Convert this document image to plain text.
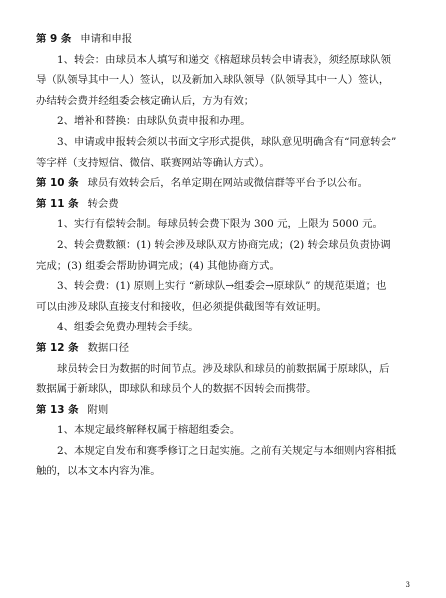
第 9 条 申请和申报
1、转会：由球员本人填写和递交《榕超球员转会申请表》，须经原球队领
导（队领导其中一人）签认，以及新加入球队领导（队领导其中一人）签认，
办结转会费并经组委会核定确认后，方为有效；
2、增补和替换：由球队负责申报和办理。
3、申请或申报转会须以书面文字形式提供，球队意见明确含有“同意转会”
等字样（支持短信、微信、联赛网站等确认方式）。
第 10 条 球员有效转会后，名单定期在网站或微信群等平台予以公布。
第 11 条 转会费
1、实行有偿转会制。每球员转会费下限为 300 元，上限为 5000 元。
2、转会费数额：(1) 转会涉及球队双方协商完成；(2) 转会球员负责协调
完成；(3) 组委会帮助协调完成；(4) 其他协商方式。
3、转会费：(1) 原则上实行 “新球队→组委会→原球队” 的规范渠道；也
可以由涉及球队直接支付和接收，但必须提供截图等有效证明。
4、组委会免费办理转会手续。
第 12 条 数据口径
球员转会日为数据的时间节点。涉及球队和球员的前数据属于原球队，后
数据属于新球队，即球队和球员个人的数据不因转会而携带。
第 13 条 附则
1、本规定最终解释权属于榕超组委会。
2、本规定自发布和赛季修订之日起实施。之前有关规定与本细则内容相抵
触的，以本文本内容为准。
3
